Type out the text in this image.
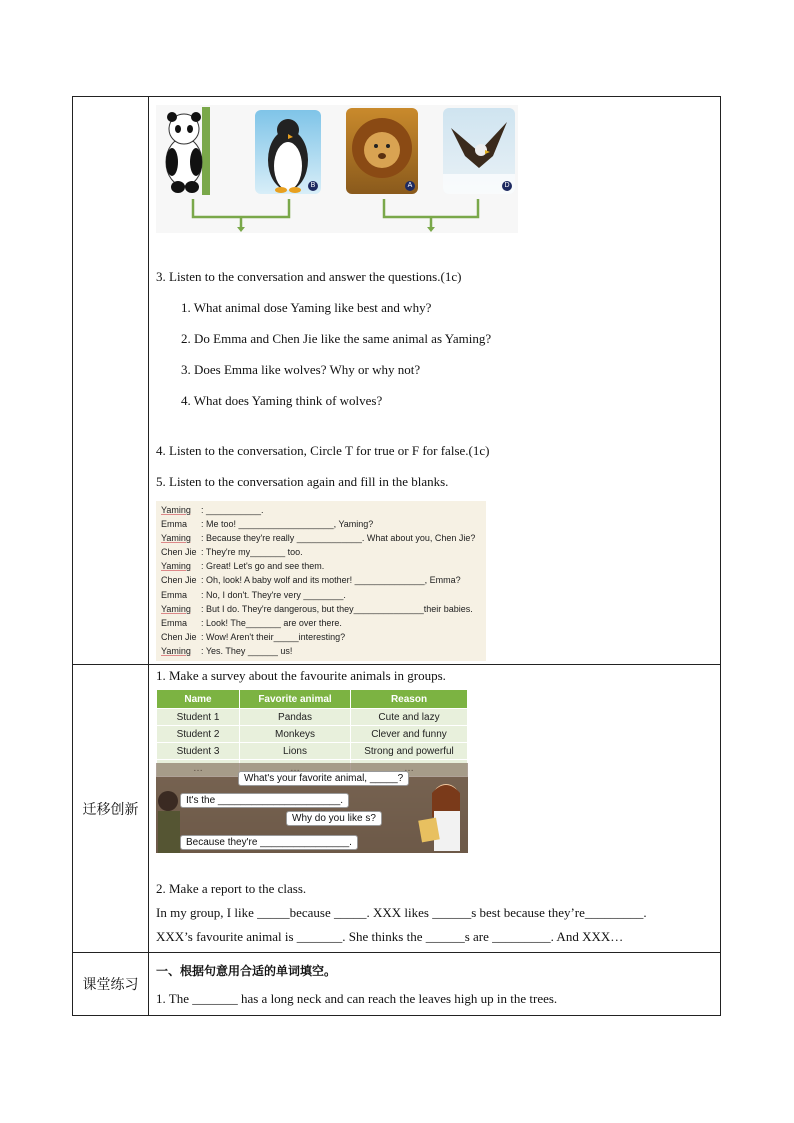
B	A	D
3. Listen to the conversation and answer the questions.(1c)
1. What animal dose Yaming like best and why?
2. Do Emma and Chen Jie like the same animal as Yaming?
3. Does Emma like wolves? Why or why not?
4. What does Yaming think of wolves?
4. Listen to the conversation, Circle T for true or F for false.(1c)
5. Listen to the conversation again and fill in the blanks.
Yaming : ___________.
Emma : Me too! ___________________, Yaming?
Yaming : Because they're really _____________. What about you, Chen Jie?
Chen Jie : They're my_______ too.
Yaming : Great! Let's go and see them.
Chen Jie : Oh, look! A baby wolf and its mother! ______________, Emma?
Emma : No, I don't. They're very ________.
Yaming : But I do. They're dangerous, but they______________their babies.
Emma : Look! The_______ are over there.
Chen Jie : Wow! Aren't their_____interesting?
Yaming : Yes. They ______ us!
迁移创新
1. Make a survey about the favourite animals in groups.
Name	Favorite animal	Reason
Student 1	Pandas	Cute and lazy
Student 2	Monkeys	Clever and funny
Student 3	Lions	Strong and powerful

What's your favorite animal, _____?
It's the ______________________.
Why do you like s?
Because they're ________________.
2. Make a report to the class.
In my group, I like _____because _____. XXX likes ______s best because they’re_________.
XXX’s favourite animal is _______. She thinks the ______s are _________. And XXX…
课堂练习
一、根据句意用合适的单词填空。
1. The _______ has a long neck and can reach the leaves high up in the trees.
